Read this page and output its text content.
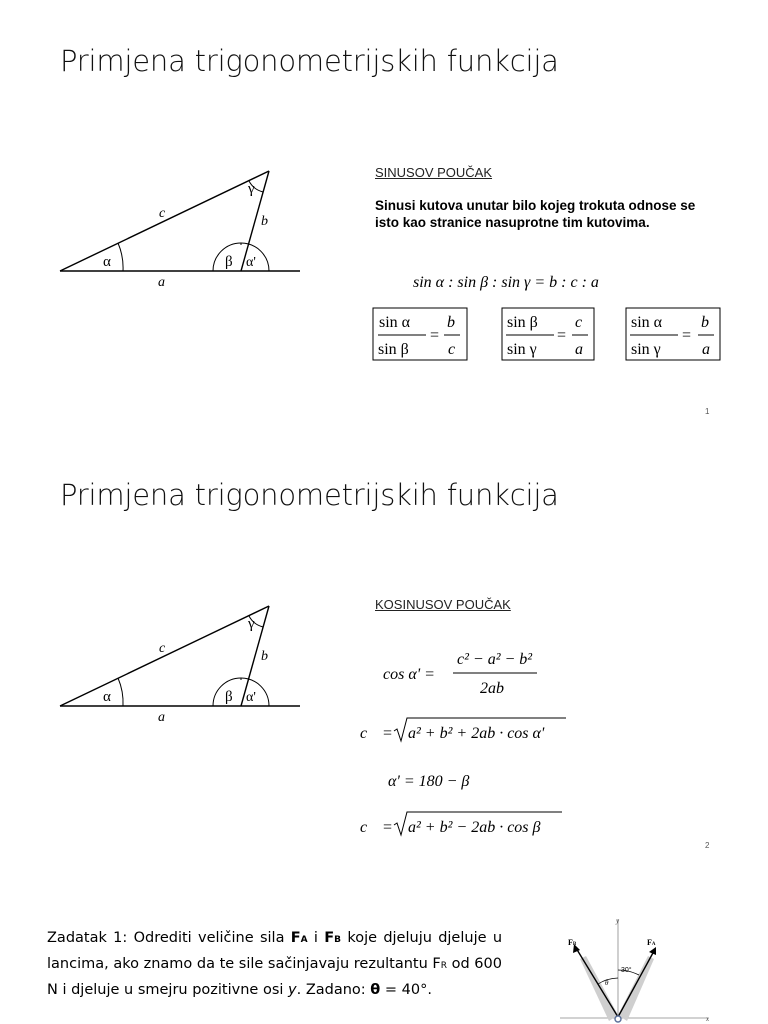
Primjena trigonometrijskih funkcija
c
b
a
α	β α'
γ
SINUSOV POUČAK
Sinusi kutova unutar bilo kojeg trokuta odnose se isto kao stranice nasuprotne tim kutovima.
sin α : sin β : sin γ = b : c : a
sin α
sin β
=
b
c
sin β
sin γ
=
c
a
sin α
sin γ
=
b
a
1
Primjena trigonometrijskih funkcija
c
b
a
α	β α'
γ
KOSINUSOV POUČAK
cos α' =
c² − a² − b²
2ab
c = a² + b² + 2ab · cos α'
α' = 180 − β
c = a² + b² − 2ab · cos β
2
Zadatak 1: Odrediti veličine sila FA i FB koje djeluju djeluje u lancima, ako znamo da te sile sačinjavaju rezultantu FR od 600 N i djeluje u smejru pozitivne osi y. Zadano: θ = 40°.
FB	FA
y
x
30°
θ
